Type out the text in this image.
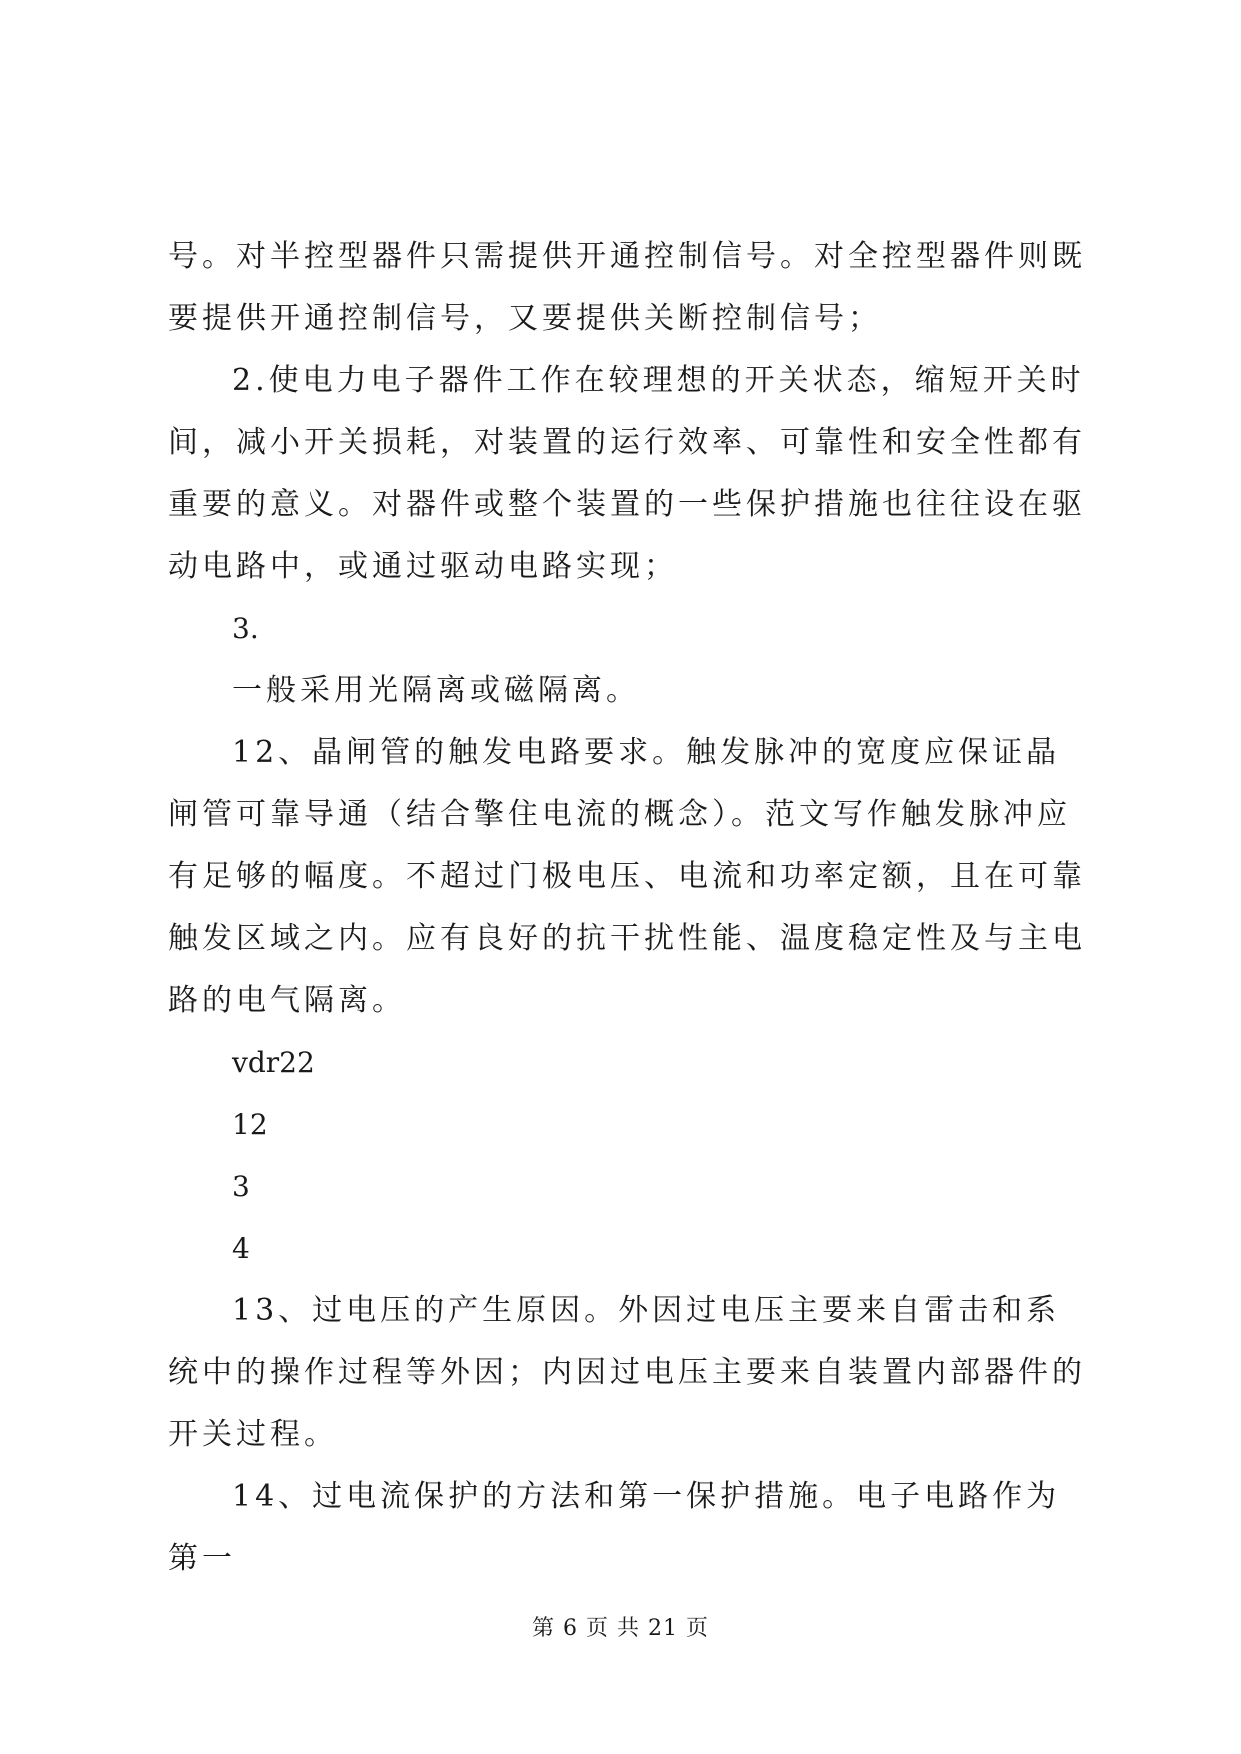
号。对半控型器件只需提供开通控制信号。对全控型器件则既要提供开通控制信号，又要提供关断控制信号；

2.使电力电子器件工作在较理想的开关状态，缩短开关时间，减小开关损耗，对装置的运行效率、可靠性和安全性都有重要的意义。对器件或整个装置的一些保护措施也往往设在驱动电路中，或通过驱动电路实现；

3.

一般采用光隔离或磁隔离。

12、晶闸管的触发电路要求。触发脉冲的宽度应保证晶闸管可靠导通（结合擎住电流的概念）。范文写作触发脉冲应有足够的幅度。不超过门极电压、电流和功率定额，且在可靠触发区域之内。应有良好的抗干扰性能、温度稳定性及与主电路的电气隔离。

vdr22

12

3

4

13、过电压的产生原因。外因过电压主要来自雷击和系统中的操作过程等外因；内因过电压主要来自装置内部器件的开关过程。

14、过电流保护的方法和第一保护措施。电子电路作为第一

第 6 页 共 21 页
